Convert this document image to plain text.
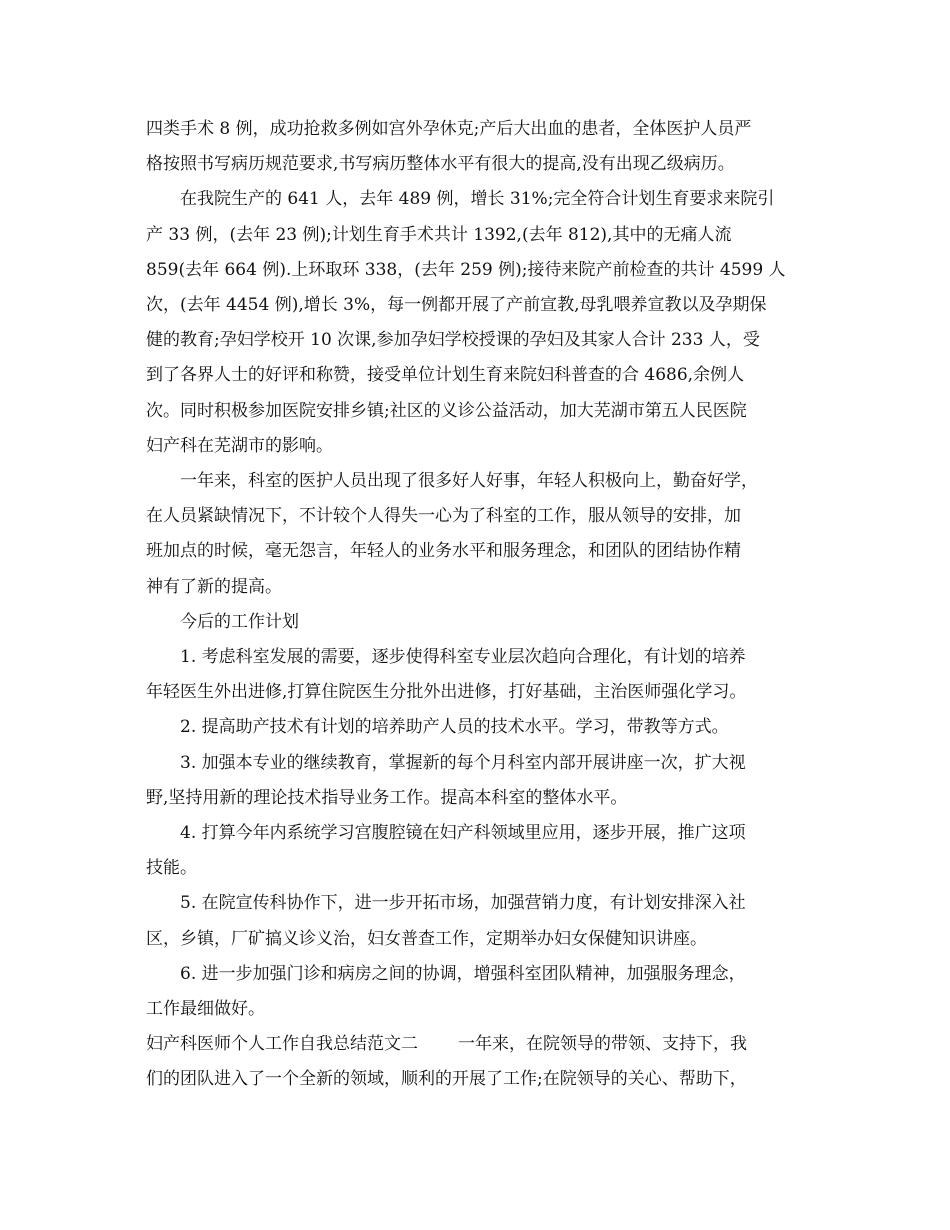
四类手术 8 例，成功抢救多例如宫外孕休克;产后大出血的患者，全体医护人员严
格按照书写病历规范要求,书写病历整体水平有很大的提高,没有出现乙级病历。

在我院生产的 641 人，去年 489 例，增长 31%;完全符合计划生育要求来院引
产 33 例，(去年 23 例);计划生育手术共计 1392,(去年 812),其中的无痛人流
859(去年 664 例).上环取环 338，(去年 259 例);接待来院产前检查的共计 4599 人
次，(去年 4454 例),增长 3%，每一例都开展了产前宣教,母乳喂养宣教以及孕期保
健的教育;孕妇学校开 10 次课,参加孕妇学校授课的孕妇及其家人合计 233 人，受
到了各界人士的好评和称赞，接受单位计划生育来院妇科普查的合 4686,余例人
次。同时积极参加医院安排乡镇;社区的义诊公益活动，加大芜湖市第五人民医院
妇产科在芜湖市的影响。

一年来，科室的医护人员出现了很多好人好事，年轻人积极向上，勤奋好学，
在人员紧缺情况下，不计较个人得失一心为了科室的工作，服从领导的安排，加
班加点的时候，毫无怨言，年轻人的业务水平和服务理念，和团队的团结协作精
神有了新的提高。

今后的工作计划

1. 考虑科室发展的需要，逐步使得科室专业层次趋向合理化，有计划的培养
年轻医生外出进修,打算住院医生分批外出进修，打好基础，主治医师强化学习。

2. 提高助产技术有计划的培养助产人员的技术水平。学习，带教等方式。

3. 加强本专业的继续教育，掌握新的每个月科室内部开展讲座一次，扩大视
野,坚持用新的理论技术指导业务工作。提高本科室的整体水平。

4. 打算今年内系统学习宫腹腔镜在妇产科领域里应用，逐步开展，推广这项
技能。

5. 在院宣传科协作下，进一步开拓市场，加强营销力度，有计划安排深入社
区，乡镇，厂矿搞义诊义治，妇女普查工作，定期举办妇女保健知识讲座。

6. 进一步加强门诊和病房之间的协调，增强科室团队精神，加强服务理念，
工作最细做好。

妇产科医师个人工作自我总结范文二 一年来，在院领导的带领、支持下，我
们的团队进入了一个全新的领域，顺利的开展了工作;在院领导的关心、帮助下，
